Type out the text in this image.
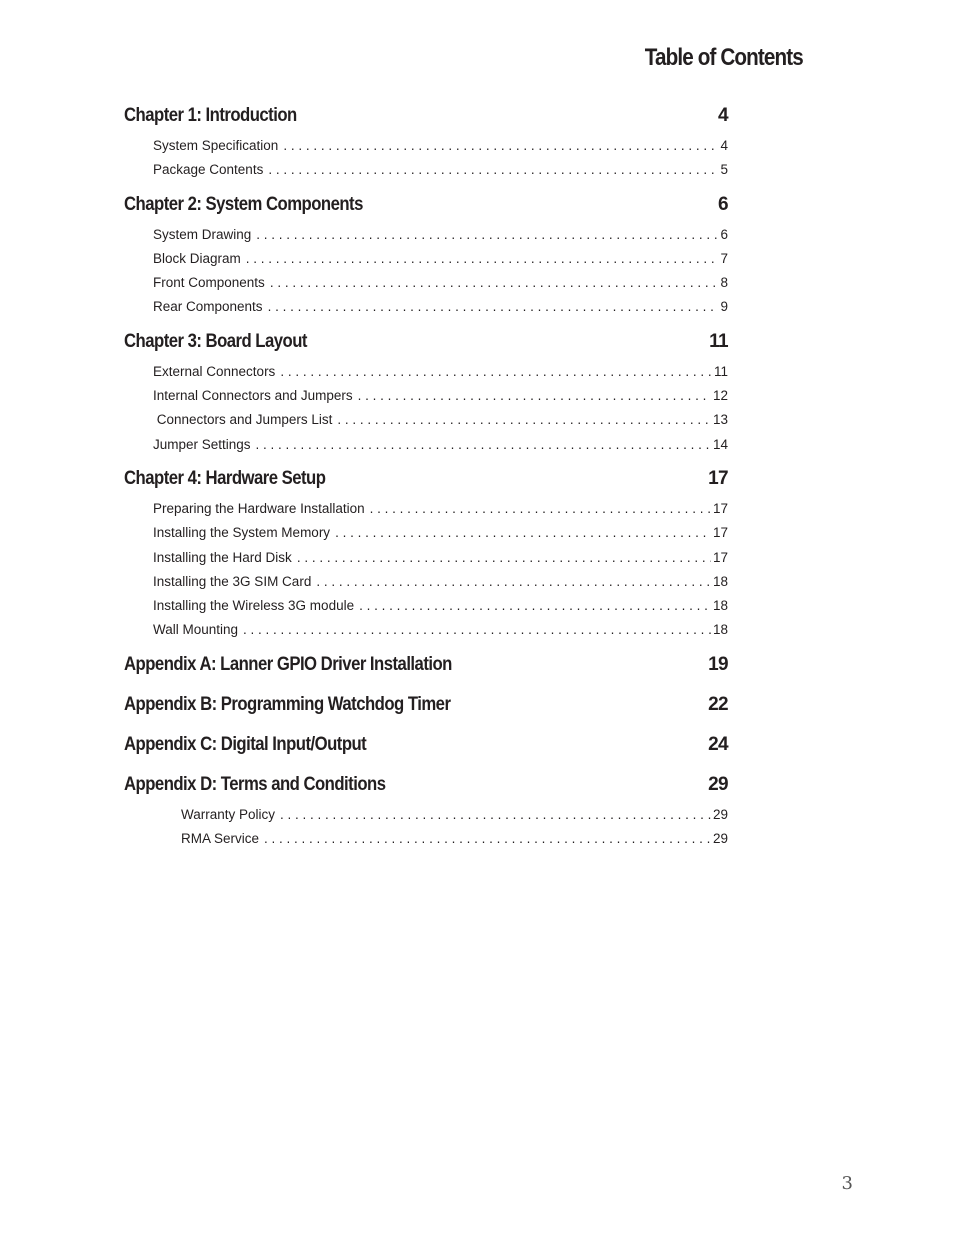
Table of Contents
Chapter 1: Introduction	4
System Specification . . .	4
Package Contents . . .	5
Chapter 2: System Components	6
System Drawing . . .	6
Block Diagram . . .	7
Front Components . . .	8
Rear Components . . .	9
Chapter 3: Board Layout	11
External Connectors . . .	11
Internal Connectors and Jumpers . . .	12
Connectors and Jumpers List . . .	13
Jumper Settings . . .	14
Chapter 4: Hardware Setup	17
Preparing the Hardware Installation . . .	17
Installing the System Memory . . .	17
Installing the Hard Disk . . .	17
Installing the 3G SIM Card . . .	18
Installing the Wireless 3G module . . .	18
Wall Mounting . . .	18
Appendix A: Lanner GPIO Driver Installation	19
Appendix B: Programming Watchdog Timer	22
Appendix C: Digital Input/Output	24
Appendix D: Terms and Conditions	29
Warranty Policy . . .	29
RMA Service . . .	29
3
